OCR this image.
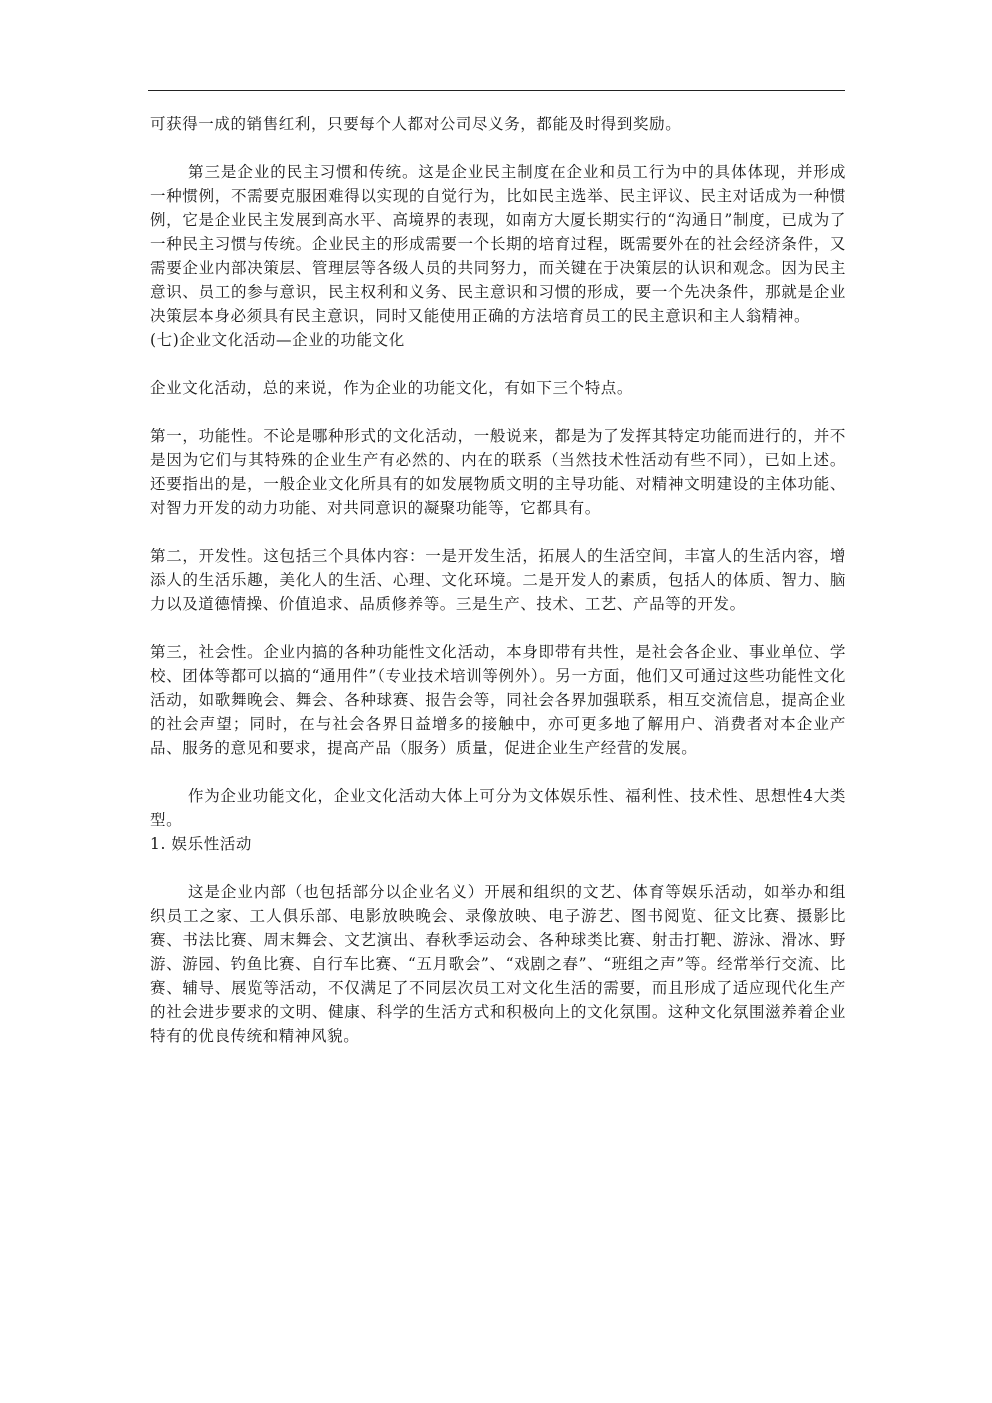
可获得一成的销售红利，只要每个人都对公司尽义务，都能及时得到奖励。

第三是企业的民主习惯和传统。这是企业民主制度在企业和员工行为中的具体体现，并形成一种惯例，不需要克服困难得以实现的自觉行为，比如民主选举、民主评议、民主对话成为一种惯例，它是企业民主发展到高水平、高境界的表现，如南方大厦长期实行的“沟通日”制度，已成为了一种民主习惯与传统。企业民主的形成需要一个长期的培育过程，既需要外在的社会经济条件，又需要企业内部决策层、管理层等各级人员的共同努力，而关键在于决策层的认识和观念。因为民主意识、员工的参与意识，民主权利和义务、民主意识和习惯的形成，要一个先决条件，那就是企业决策层本身必须具有民主意识，同时又能使用正确的方法培育员工的民主意识和主人翁精神。

(七)企业文化活动—企业的功能文化

企业文化活动，总的来说，作为企业的功能文化，有如下三个特点。

第一，功能性。不论是哪种形式的文化活动，一般说来，都是为了发挥其特定功能而进行的，并不是因为它们与其特殊的企业生产有必然的、内在的联系（当然技术性活动有些不同），已如上述。还要指出的是，一般企业文化所具有的如发展物质文明的主导功能、对精神文明建设的主体功能、对智力开发的动力功能、对共同意识的凝聚功能等，它都具有。

第二，开发性。这包括三个具体内容：一是开发生活，拓展人的生活空间，丰富人的生活内容，增添人的生活乐趣，美化人的生活、心理、文化环境。二是开发人的素质，包括人的体质、智力、脑力以及道德情操、价值追求、品质修养等。三是生产、技术、工艺、产品等的开发。

第三，社会性。企业内搞的各种功能性文化活动，本身即带有共性，是社会各企业、事业单位、学校、团体等都可以搞的“通用件”（专业技术培训等例外）。另一方面，他们又可通过这些功能性文化活动，如歌舞晚会、舞会、各种球赛、报告会等，同社会各界加强联系，相互交流信息，提高企业的社会声望；同时，在与社会各界日益增多的接触中，亦可更多地了解用户、消费者对本企业产品、服务的意见和要求，提高产品（服务）质量，促进企业生产经营的发展。

作为企业功能文化，企业文化活动大体上可分为文体娱乐性、福利性、技术性、思想性4大类型。

1. 娱乐性活动

这是企业内部（也包括部分以企业名义）开展和组织的文艺、体育等娱乐活动，如举办和组织员工之家、工人俱乐部、电影放映晚会、录像放映、电子游艺、图书阅览、征文比赛、摄影比赛、书法比赛、周末舞会、文艺演出、春秋季运动会、各种球类比赛、射击打靶、游泳、滑冰、野游、游园、钓鱼比赛、自行车比赛、“五月歌会”、“戏剧之春”、“班组之声”等。经常举行交流、比赛、辅导、展览等活动，不仅满足了不同层次员工对文化生活的需要，而且形成了适应现代化生产的社会进步要求的文明、健康、科学的生活方式和积极向上的文化氛围。这种文化氛围滋养着企业特有的优良传统和精神风貌。
